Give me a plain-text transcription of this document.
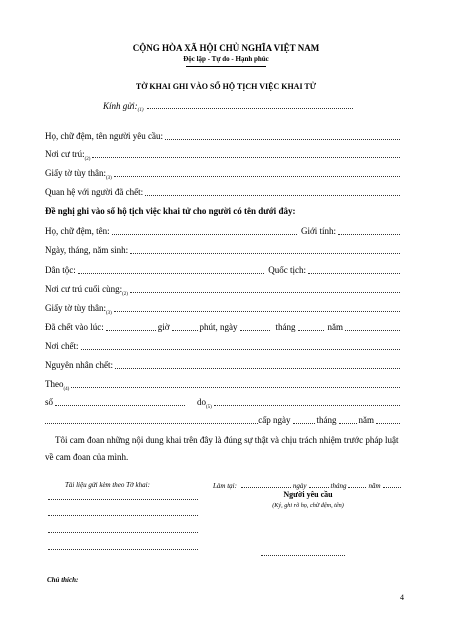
CỘNG HÒA XÃ HỘI CHỦ NGHĨA VIỆT NAM
Độc lập - Tự do - Hạnh phúc
TỜ KHAI GHI VÀO SỔ HỘ TỊCH VIỆC KHAI TỬ
Kính gửi: (1)
Họ, chữ đệm, tên người yêu cầu:
Nơi cư trú:
(2)
Giấy tờ tùy thân:
(3)
Quan hệ với người đã chết:
Đề nghị ghi vào sổ hộ tịch việc khai tử cho người có tên dưới đây:
Họ, chữ đệm, tên:	Giới tính:
Ngày, tháng, năm sinh:
Dân tộc:	Quốc tịch:
Nơi cư trú cuối cùng:
(2)
Giấy tờ tùy thân:
(3)
Đã chết vào lúc:	giờ	phút, ngày	tháng	năm
Nơi chết:
Nguyên nhân chết:
Theo
(4)
số	do
(5)
cấp ngày	tháng năm
Tôi cam đoan những nội dung khai trên đây là đúng sự thật và chịu trách nhiệm trước pháp luật về cam đoan của mình.
Tài liệu gửi kèm theo Tờ khai:	Làm tại:	ngày	tháng	năm
Người yêu cầu
(Ký, ghi rõ họ, chữ đệm, tên)
Chú thích:
4
